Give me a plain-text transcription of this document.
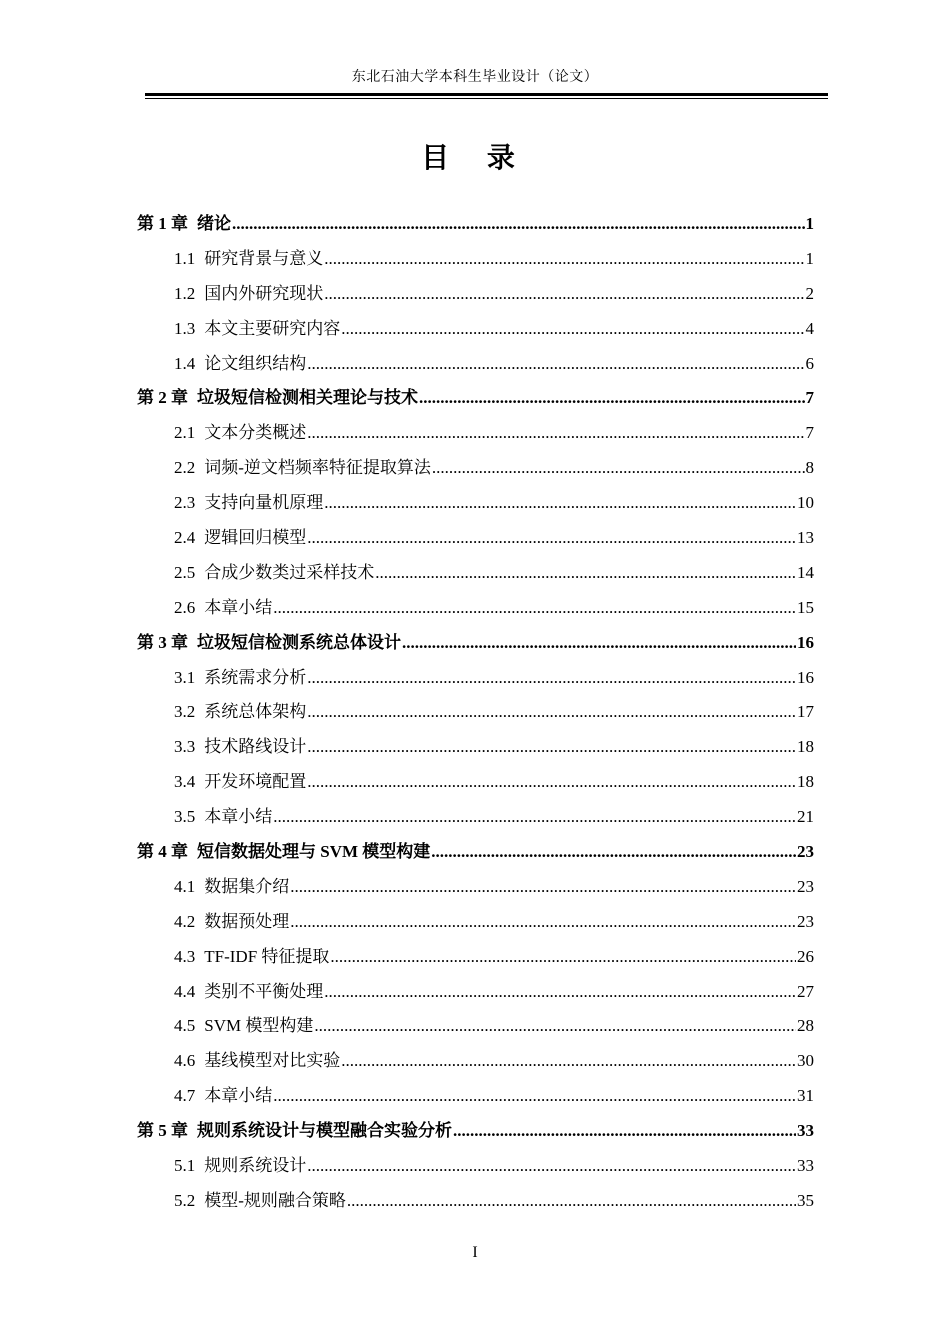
东北石油大学本科生毕业设计（论文）
目 录
第 1 章 绪论 .....	1
1.1 研究背景与意义 .....	1
1.2 国内外研究现状 .....	2
1.3 本文主要研究内容 .....	4
1.4 论文组织结构 .....	6
第 2 章 垃圾短信检测相关理论与技术 .....	7
2.1 文本分类概述 .....	7
2.2 词频-逆文档频率特征提取算法 .....	8
2.3 支持向量机原理 .....	10
2.4 逻辑回归模型 .....	13
2.5 合成少数类过采样技术 .....	14
2.6 本章小结 .....	15
第 3 章 垃圾短信检测系统总体设计 .....	16
3.1 系统需求分析 .....	16
3.2 系统总体架构 .....	17
3.3 技术路线设计 .....	18
3.4 开发环境配置 .....	18
3.5 本章小结 .....	21
第 4 章 短信数据处理与 SVM 模型构建 .....	23
4.1 数据集介绍 .....	23
4.2 数据预处理 .....	23
4.3 TF-IDF 特征提取 .....	26
4.4 类别不平衡处理 .....	27
4.5 SVM 模型构建 .....	28
4.6 基线模型对比实验 .....	30
4.7 本章小结 .....	31
第 5 章 规则系统设计与模型融合实验分析 .....	33
5.1 规则系统设计 .....	33
5.2 模型-规则融合策略 .....	35
I
